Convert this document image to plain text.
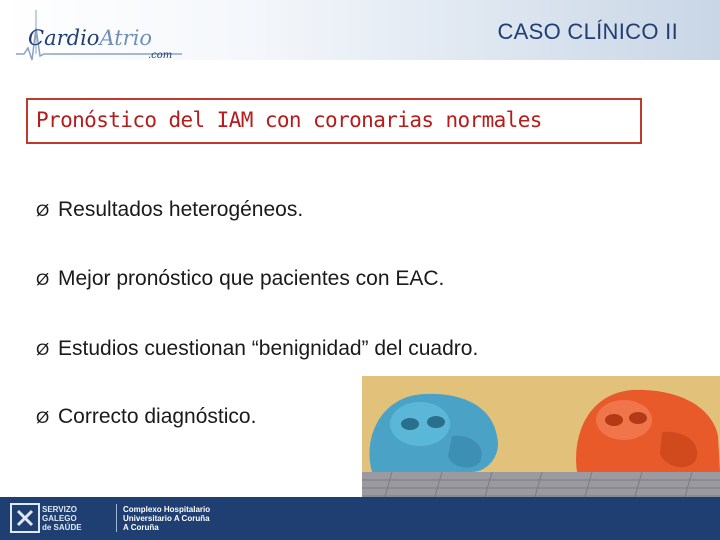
CardioAtrio
.com
CASO CLÍNICO II
Pronóstico del IAM con coronarias normales
Ø Resultados heterogéneos.
Ø Mejor pronóstico que pacientes con EAC.
Ø Estudios cuestionan “benignidad” del cuadro.
Ø Correcto diagnóstico.
SERVIZO
GALEGO
de SAÚDE
Complexo Hospitalario
Universitario A Coruña
A Coruña
